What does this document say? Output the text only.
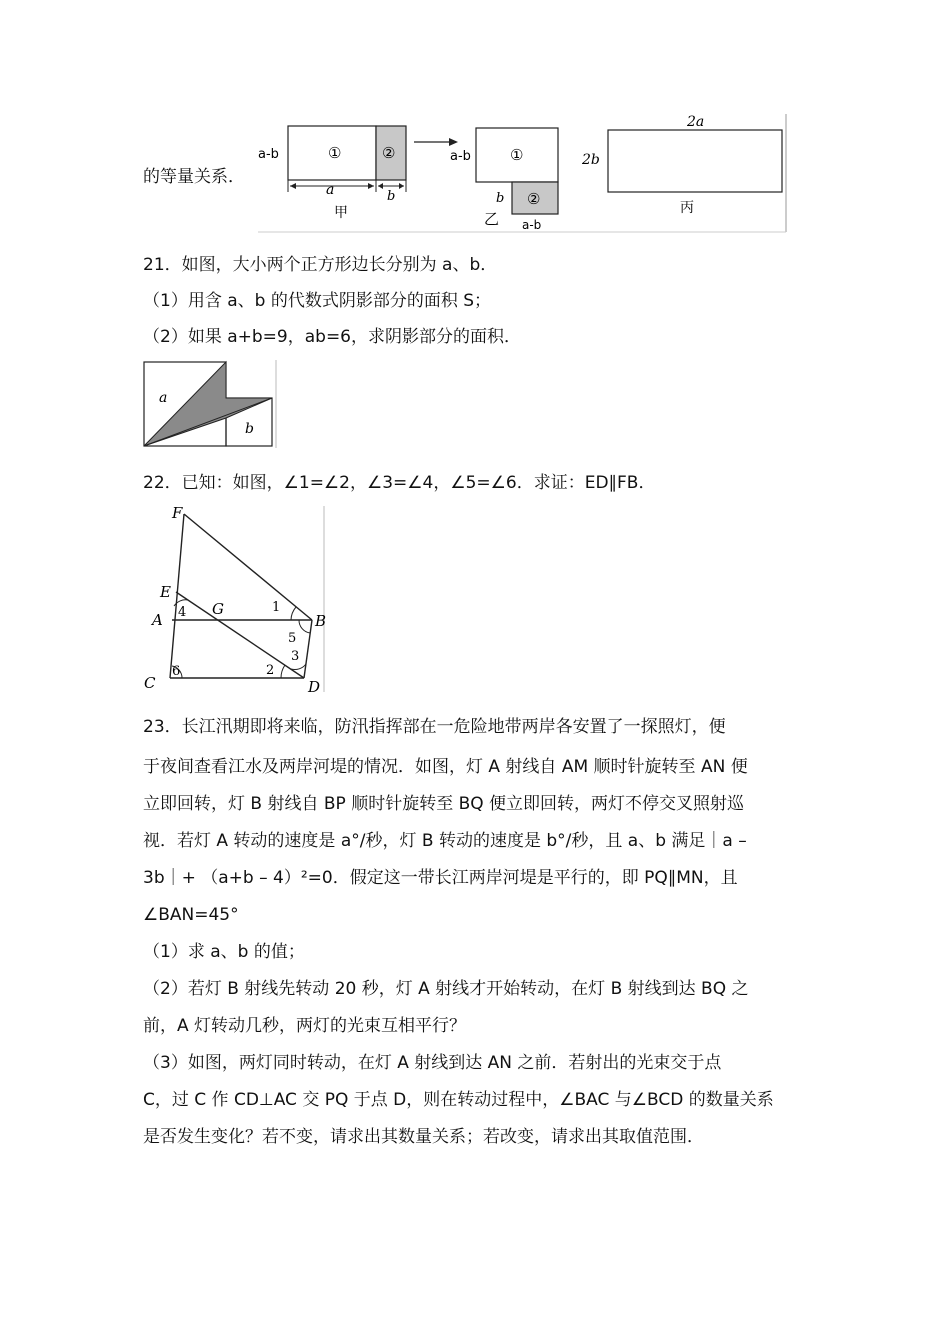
的等量关系．
a-b	①	②
a	b
甲
a-b	①
②
b
a-b
乙
2a
2b
丙
21．如图，大小两个正方形边长分别为 a、b．
（1）用含 a、b 的代数式阴影部分的面积 S；
（2）如果 a+b=9，ab=6，求阴影部分的面积．
a
b
22．已知：如图，∠1=∠2，∠3=∠4，∠5=∠6．求证：ED∥FB．
F
E
A
G
B
C	D
1
2
3
4
5
6
23．长江汛期即将来临，防汛指挥部在一危险地带两岸各安置了一探照灯，便
于夜间查看江水及两岸河堤的情况．如图，灯 A 射线自 AM 顺时针旋转至 AN 便
立即回转，灯 B 射线自 BP 顺时针旋转至 BQ 便立即回转，两灯不停交叉照射巡
视．若灯 A 转动的速度是 a°/秒，灯 B 转动的速度是 b°/秒，且 a、b 满足｜a –
3b｜+ （a+b – 4）²=0．假定这一带长江两岸河堤是平行的，即 PQ∥MN，且
∠BAN=45°
（1）求 a、b 的值；
（2）若灯 B 射线先转动 20 秒，灯 A 射线才开始转动，在灯 B 射线到达 BQ 之
前，A 灯转动几秒，两灯的光束互相平行？
（3）如图，两灯同时转动，在灯 A 射线到达 AN 之前．若射出的光束交于点
C，过 C 作 CD⊥AC 交 PQ 于点 D，则在转动过程中，∠BAC 与∠BCD 的数量关系
是否发生变化？若不变，请求出其数量关系；若改变，请求出其取值范围．
